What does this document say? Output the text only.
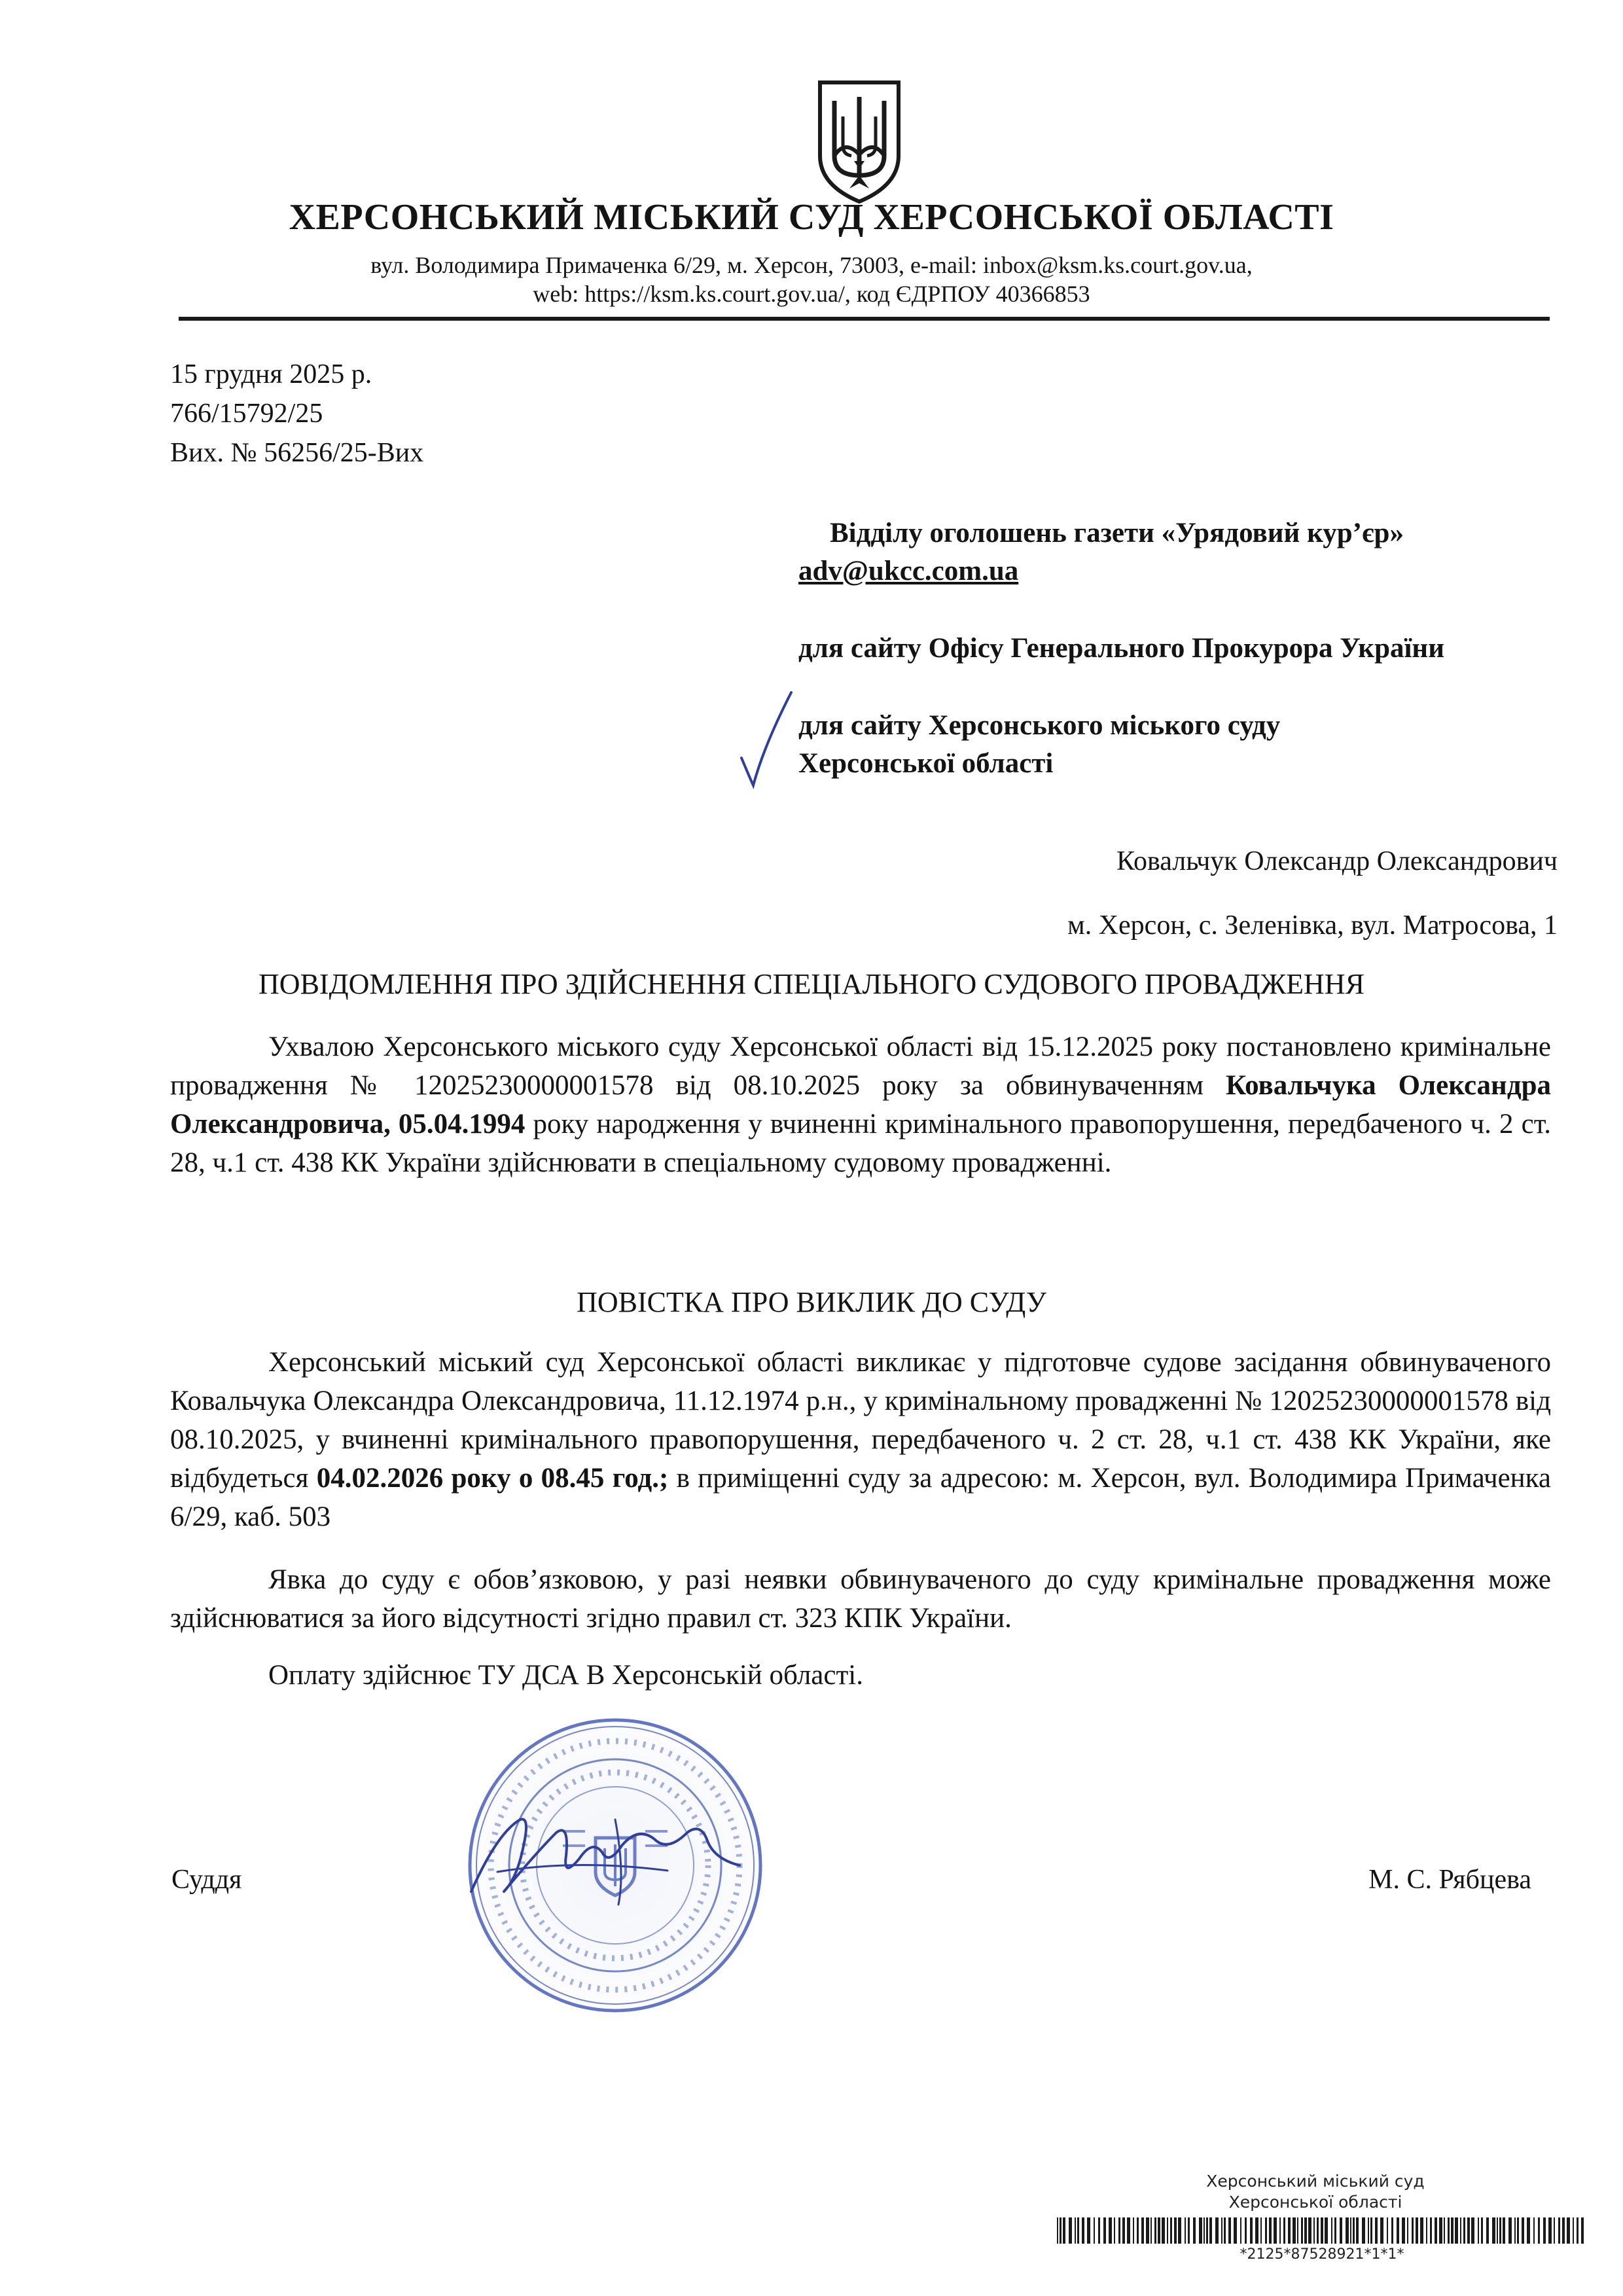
ХЕРСОНСЬКИЙ МІСЬКИЙ СУД ХЕРСОНСЬКОЇ ОБЛАСТІ
вул. Володимира Примаченка 6/29, м. Херсон, 73003, e-mail: inbox@ksm.ks.court.gov.ua,
web: https://ksm.ks.court.gov.ua/, код ЄДРПОУ 40366853
15 грудня 2025 р.
766/15792/25
Вих. № 56256/25-Вих
Відділу оголошень газети «Урядовий кур’єр»
adv@ukcc.com.ua
для сайту Офісу Генерального Прокурора України
для сайту Херсонського міського суду
Херсонської області
Ковальчук Олександр Олександрович
м. Херсон, с. Зеленівка, вул. Матросова, 1
ПОВІДОМЛЕННЯ ПРО ЗДІЙСНЕННЯ СПЕЦІАЛЬНОГО СУДОВОГО ПРОВАДЖЕННЯ
Ухвалою Херсонського міського суду Херсонської області від 15.12.2025 року постановлено кримінальне провадження № 12025230000001578 від 08.10.2025 року за обвинуваченням Ковальчука Олександра Олександровича, 05.04.1994 року народження у вчиненні кримінального правопорушення, передбаченого ч. 2 ст. 28, ч.1 ст. 438 КК України здійснювати в спеціальному судовому провадженні.
ПОВІСТКА ПРО ВИКЛИК ДО СУДУ
Херсонський міський суд Херсонської області викликає у підготовче судове засідання обвинуваченого Ковальчука Олександра Олександровича, 11.12.1974 р.н., у кримінальному провадженні № 12025230000001578 від 08.10.2025, у вчиненні кримінального правопорушення, передбаченого ч. 2 ст. 28, ч.1 ст. 438 КК України, яке відбудеться 04.02.2026 року о 08.45 год.; в приміщенні суду за адресою: м. Херсон, вул. Володимира Примаченка 6/29, каб. 503
Явка до суду є обов’язковою, у разі неявки обвинуваченого до суду кримінальне провадження може здійснюватися за його відсутності згідно правил ст. 323 КПК України.
Оплату здійснює ТУ ДСА В Херсонській області.
Суддя	М. С. Рябцева
Херсонський міський суд
Херсонської області
*2125*87528921*1*1*
